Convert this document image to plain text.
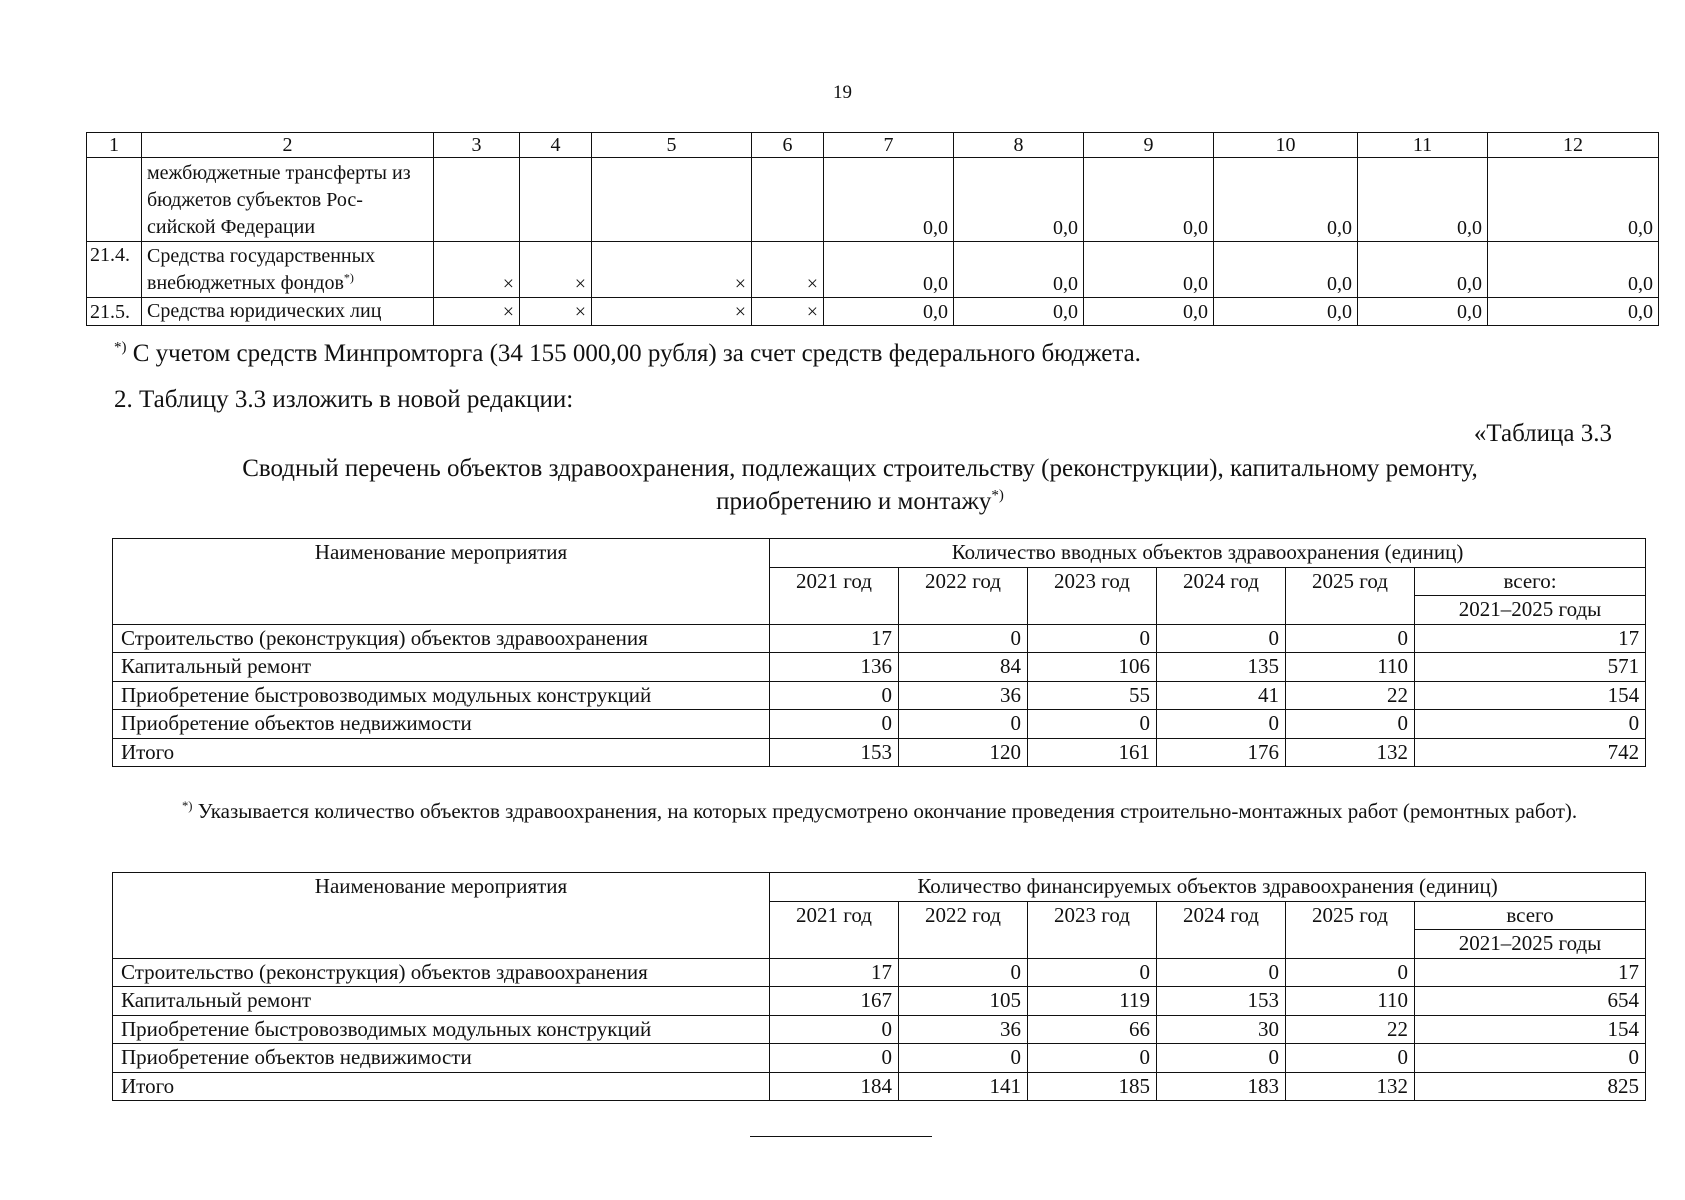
19
1	2	3	4	5	6	7	8	9	10	11	12
	межбюджетные трансферты из бюджетов субъектов Рос-сийской Федерации					0,0	0,0	0,0	0,0	0,0	0,0
21.4.	Средства государственных внебюджетных фондов*)	×	×	×	×	0,0	0,0	0,0	0,0	0,0	0,0
21.5.	Средства юридических лиц	×	×	×	×	0,0	0,0	0,0	0,0	0,0	0,0
*) С учетом средств Минпромторга (34 155 000,00 рубля) за счет средств федерального бюджета.
2. Таблицу 3.3 изложить в новой редакции:
«Таблица 3.3
Сводный перечень объектов здравоохранения, подлежащих строительству (реконструкции), капитальному ремонту,
приобретению и монтажу*)
Наименование мероприятия	Количество вводных объектов здравоохранения (единиц)					
	2021 год	2022 год	2023 год	2024 год	2025 год	всего:
						2021–2025 годы
Строительство (реконструкция) объектов здравоохранения	17	0	0	0	0	17
Капитальный ремонт	136	84	106	135	110	571
Приобретение быстровозводимых модульных конструкций	0	36	55	41	22	154
Приобретение объектов недвижимости	0	0	0	0	0	0
Итого	153	120	161	176	132	742
*) Указывается количество объектов здравоохранения, на которых предусмотрено окончание проведения строительно-монтажных работ (ремонтных работ).
Наименование мероприятия	Количество финансируемых объектов здравоохранения (единиц)					
	2021 год	2022 год	2023 год	2024 год	2025 год	всего
						2021–2025 годы
Строительство (реконструкция) объектов здравоохранения	17	0	0	0	0	17
Капитальный ремонт	167	105	119	153	110	654
Приобретение быстровозводимых модульных конструкций	0	36	66	30	22	154
Приобретение объектов недвижимости	0	0	0	0	0	0
Итого	184	141	185	183	132	825
